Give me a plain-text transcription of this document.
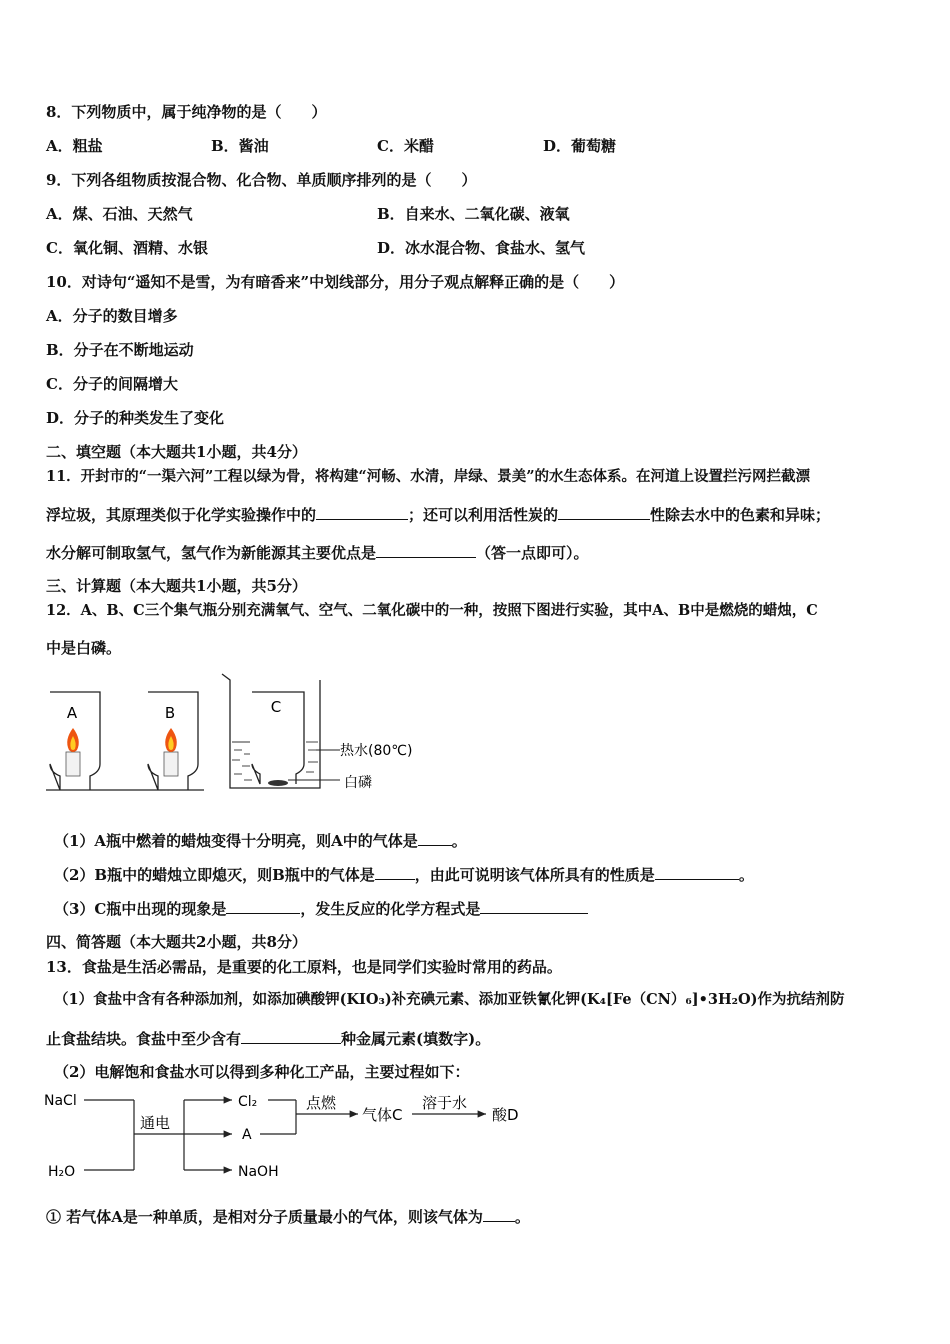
8．下列物质中，属于纯净物的是（　　）
A．粗盐	B．酱油	C．米醋	D．葡萄糖
9．下列各组物质按混合物、化合物、单质顺序排列的是（　　）
A．煤、石油、天然气	B．自来水、二氧化碳、液氧
C．氧化铜、酒精、水银	D．冰水混合物、食盐水、氢气
10．对诗句“遥知不是雪，为有暗香来”中划线部分，用分子观点解释正确的是（　　）
A．分子的数目增多
B．分子在不断地运动
C．分子的间隔增大
D．分子的种类发生了变化
二、填空题（本大题共1小题，共4分）
11．开封市的“一渠六河”工程以绿为骨，将构建“河畅、水清，岸绿、景美”的水生态体系。在河道上设置拦污网拦截漂
浮垃圾，其原理类似于化学实验操作中的	；还可以利用活性炭的	性除去水中的色素和异味；
水分解可制取氢气，氢气作为新能源其主要优点是	（答一点即可）。
三、计算题（本大题共1小题，共5分）
12．A、B、C三个集气瓶分别充满氧气、空气、二氧化碳中的一种，按照下图进行实验，其中A、B中是燃烧的蜡烛，C
中是白磷。
A	B	C
热水(80℃)
白磷
（1）A瓶中燃着的蜡烛变得十分明亮，则A中的气体是 。
（2）B瓶中的蜡烛立即熄灭，则B瓶中的气体是	，由此可说明该气体所具有的性质是	。
（3）C瓶中出现的现象是	，发生反应的化学方程式是
四、简答题（本大题共2小题，共8分）
13．食盐是生活必需品，是重要的化工原料，也是同学们实验时常用的药品。
（1）食盐中含有各种添加剂，如添加碘酸钾(KIO₃)补充碘元素、添加亚铁氰化钾(K₄[Fe（CN）₆]•3H₂O)作为抗结剂防
止食盐结块。食盐中至少含有	种金属元素(填数字)。
（2）电解饱和食盐水可以得到多种化工产品，主要过程如下：
NaCl
H₂O
通电
Cl₂
A
NaOH
点燃
气体C
溶于水
酸D
① 若气体A是一种单质，是相对分子质量最小的气体，则该气体为 。
